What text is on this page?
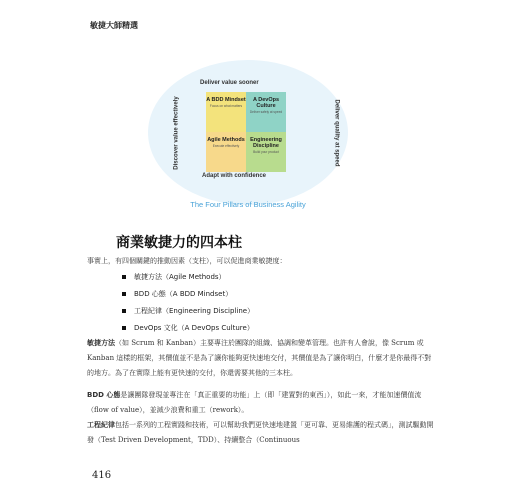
敏捷大師精選
Deliver value sooner
Adapt with confidence
Discover value effectively	Deliver quality at speed
A BDD Mindset
Focus on what matters
A DevOps Culture
Deliver safely at speed
Agile Methods
Execute effectively
Engineering Discipline
Build your product
The Four Pillars of Business Agility
商業敏捷力的四本柱
事實上，有四個關鍵的推動因素（支柱），可以促進商業敏捷度：
敏捷方法（Agile Methods）
BDD 心態（A BDD Mindset）
工程紀律（Engineering Discipline）
DevOps 文化（A DevOps Culture）
敏捷方法（如 Scrum 和 Kanban）主要專注於團隊的組織、協調和變革管理。也許有人會說，像 Scrum 或 Kanban 這樣的框架，其價值並不是為了讓你能夠更快速地交付，其價值是為了讓你明白，什麼才是你最得不對的地方。為了在實際上能有更快速的交付，你還需要其他的三本柱。
BDD 心態是讓團隊發現並專注在「真正重要的功能」上（即「建置對的東西」），如此一來，才能加速價值流（flow of value），並減少浪費和重工（rework）。
工程紀律包括一系列的工程實踐和技術，可以幫助我們更快速地建置「更可靠、更易維護的程式碼」，測試驅動開發（Test Driven Development，TDD）、持續整合（Continuous
416
